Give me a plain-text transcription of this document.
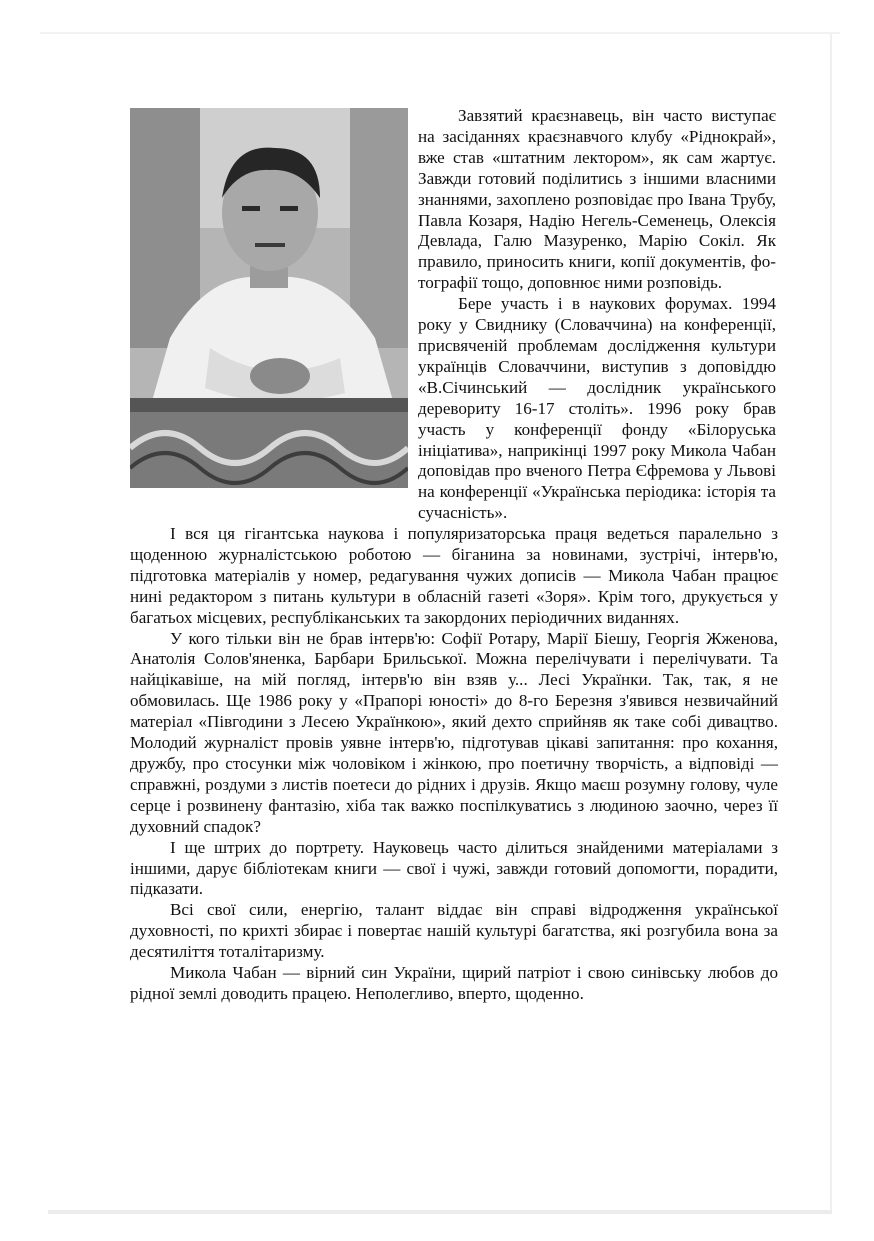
Завзятий краєзнавець, він часто виступає на засіданнях краєзнавчого клубу «Ріднокрай», вже став «штатним лектором», як сам жартує. Завжди готовий поділитись з іншими власними знаннями, захоплено розповідає про Івана Трубу, Павла Козаря, Надію Негель-Семенець, Олексія Девлада, Галю Мазуренко, Марію Сокіл. Як правило, приносить книги, копії документів, фотографії тощо, доповнює ними розповідь.

Бере участь і в наукових форумах. 1994 року у Свиднику (Словаччина) на конференції, присвяченій проблемам дослідження культури українців Словаччини, виступив з доповіддю «В.Січинський — дослідник українського дереворитy 16-17 століть». 1996 року брав участь у конференції фонду «Білоруська ініціатива», наприкінці 1997 року Микола Чабан доповідав про вченого Петра Єфремова у Львові на конференції «Українська періодика: історія та сучасність».

І вся ця гігантська наукова і популяризаторська праця ведеться паралельно з щоденною журналістською роботою — біганина за новинами, зустрічі, інтерв'ю, підготовка матеріалів у номер, редагування чужих дописів — Микола Чабан працює нині редактором з питань культури в обласній газеті «Зоря». Крім того, друкується у багатьох місцевих, республіканських та закордоних періодичних виданнях.

У кого тільки він не брав інтерв'ю: Софії Ротару, Марії Біешу, Георгія Жженова, Анатолія Солов'яненка, Барбари Брильської. Можна перелічувати і перелічувати. Та найцікавіше, на мій погляд, інтерв'ю він взяв у... Лесі Українки. Так, так, я не обмовилась. Ще 1986 року у «Прапорі юності» до 8-го Березня з'явився незвичайний матеріал «Півгодини з Лесею Українкою», який дехто сприйняв як таке собі дивацтво. Молодий журналіст провів уявне інтерв'ю, підготував цікаві запитання: про кохання, дружбу, про стосунки між чоловіком і жінкою, про поетичну творчість, а відповіді — справжні, роздуми з листів поетеси до рідних і друзів. Якщо маєш розумну голову, чуле серце і розвинену фантазію, хіба так важко поспілкуватись з людиною заочно, через її духовний спадок?

І ще штрих до портрету. Науковець часто ділиться знайденими матеріалами з іншими, дарує бібліотекам книги — свої і чужі, завжди готовий допомогти, порадити, підказати.

Всі свої сили, енергію, талант віддає він справі відродження української духовності, по крихті збирає і повертає нашій культурі багатства, які розгубила вона за десятиліття тоталітаризму.

Микола Чабан — вірний син України, щирий патріот і свою синівську любов до рідної землі доводить працею. Неполегливо, вперто, щоденно.
